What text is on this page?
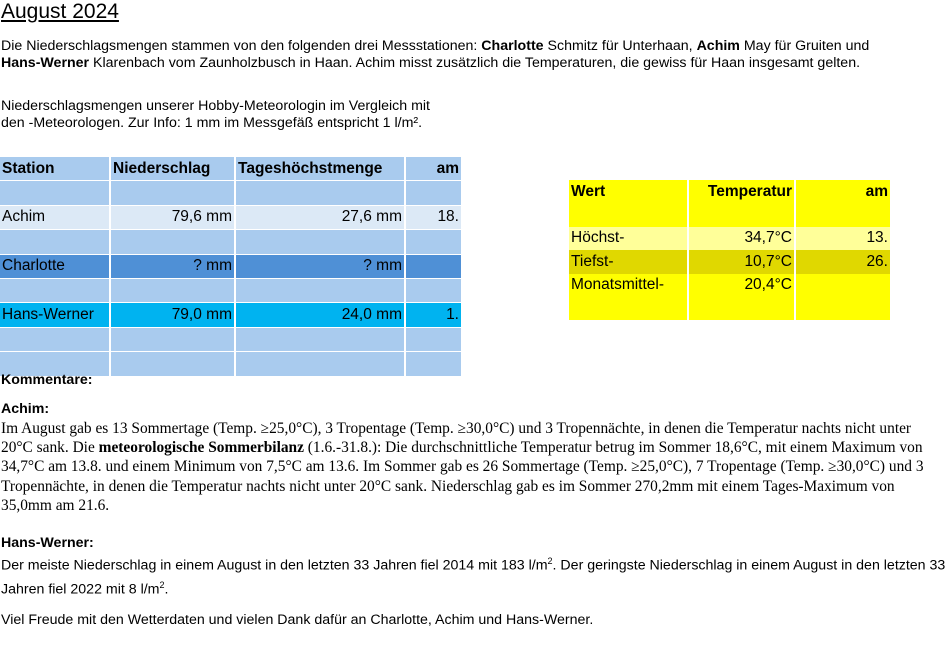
August 2024
Die Niederschlagsmengen stammen von den folgenden drei Messstationen: Charlotte Schmitz für Unterhaan, Achim May für Gruiten und Hans-Werner Klarenbach vom Zaunholzbusch in Haan. Achim misst zusätzlich die Temperaturen, die gewiss für Haan insgesamt gelten.
Niederschlagsmengen unserer Hobby-Meteorologin im Vergleich mit
den -Meteorologen. Zur Info: 1 mm im Messgefäß entspricht 1 l/m².
Station	Niederschlag	Tageshöchstmenge	am

Achim	79,6 mm	27,6 mm	18.

Charlotte	? mm	? mm	

Hans-Werner	79,0 mm	24,0 mm	1.

Wert	Temperatur	am

Höchst-	34,7°C	13.
Tiefst-	10,7°C	26.
Monatsmittel-	20,4°C	

Kommentare:
Achim:
Im August gab es 13 Sommertage (Temp. ≥25,0°C), 3 Tropentage (Temp. ≥30,0°C) und 3 Tropennächte, in denen die Temperatur nachts nicht unter 20°C sank. Die meteorologische Sommerbilanz (1.6.-31.8.): Die durchschnittliche Temperatur betrug im Sommer 18,6°C, mit einem Maximum von 34,7°C am 13.8. und einem Minimum von 7,5°C am 13.6. Im Sommer gab es 26 Sommertage (Temp. ≥25,0°C), 7 Tropentage (Temp. ≥30,0°C) und 3 Tropennächte, in denen die Temperatur nachts nicht unter 20°C sank. Niederschlag gab es im Sommer 270,2mm mit einem Tages-Maximum von 35,0mm am 21.6.
Hans-Werner:
Der meiste Niederschlag in einem August in den letzten 33 Jahren fiel 2014 mit 183 $l/m^2$. Der geringste Niederschlag in einem August in den letzten 33 Jahren fiel 2022 mit 8 $l/m^2$.
Viel Freude mit den Wetterdaten und vielen Dank dafür an Charlotte, Achim und Hans-Werner.
